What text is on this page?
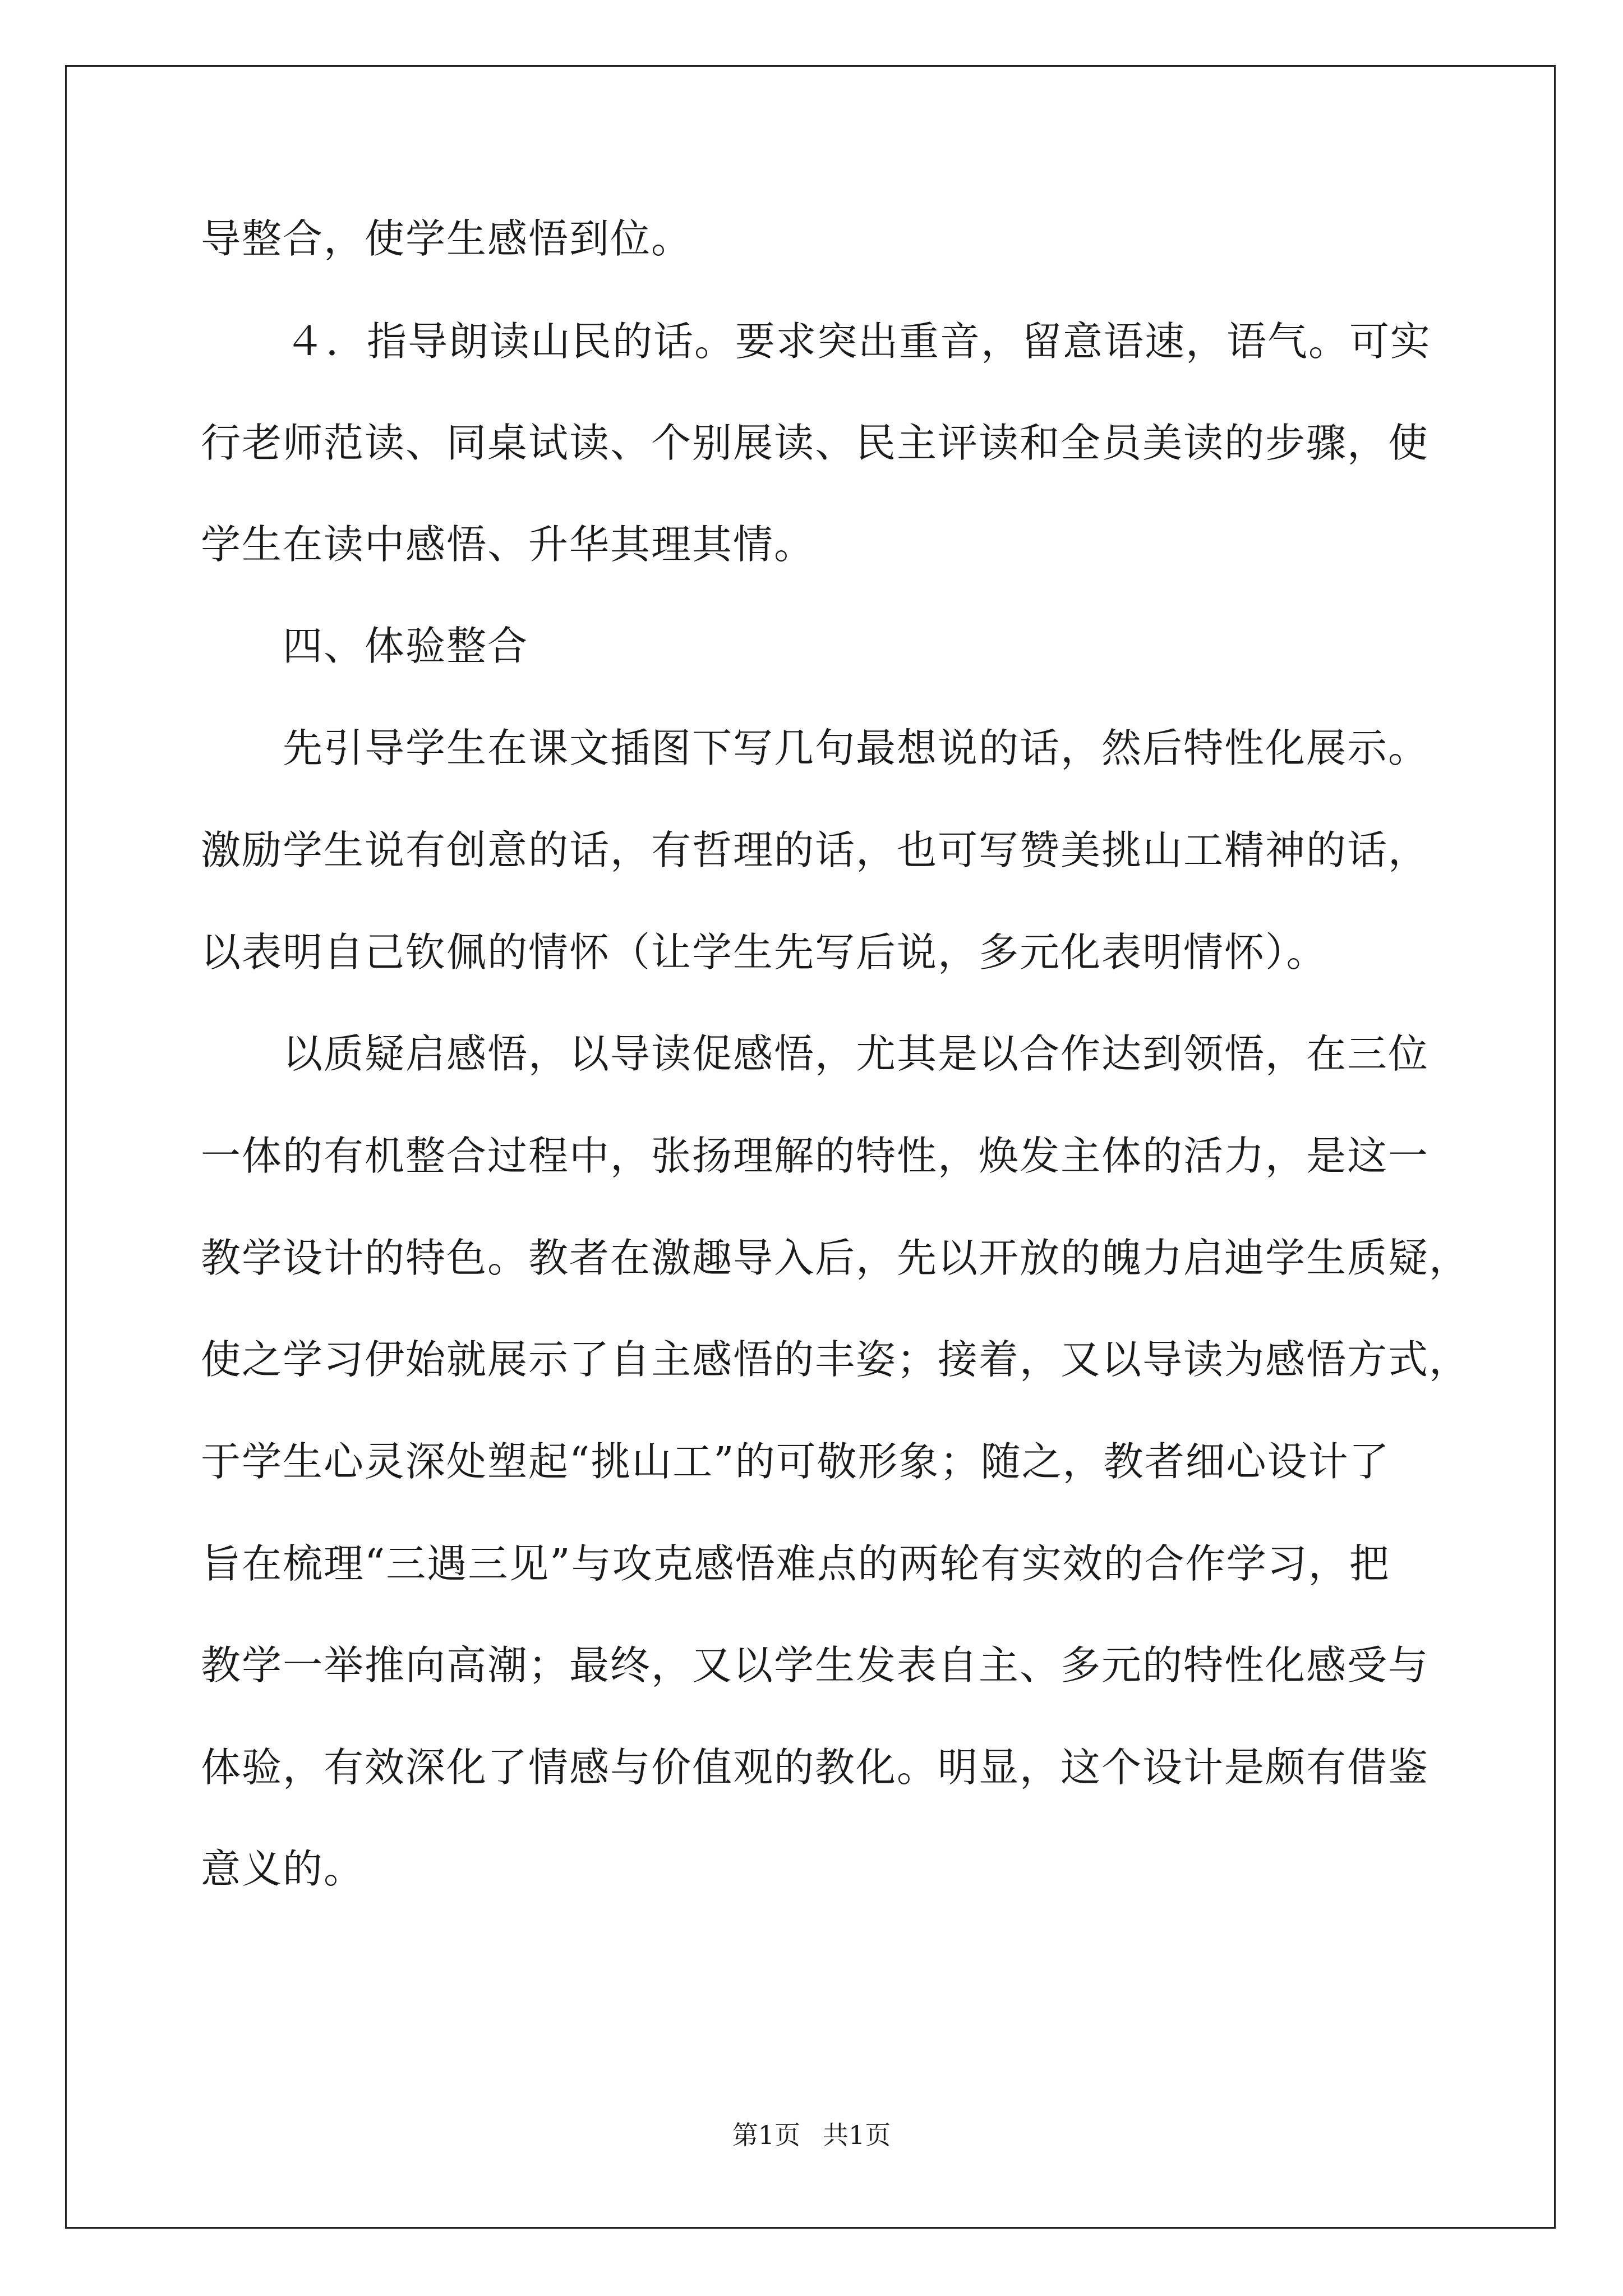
导整合，使学生感悟到位。
４．指导朗读山民的话。要求突出重音，留意语速，语气。可实
行老师范读、同桌试读、个别展读、民主评读和全员美读的步骤，使
学生在读中感悟、升华其理其情。
四、体验整合
先引导学生在课文插图下写几句最想说的话，然后特性化展示。
激励学生说有创意的话，有哲理的话，也可写赞美挑山工精神的话，
以表明自己钦佩的情怀（让学生先写后说，多元化表明情怀）。
以质疑启感悟，以导读促感悟，尤其是以合作达到领悟，在三位
一体的有机整合过程中，张扬理解的特性，焕发主体的活力，是这一
教学设计的特色。教者在激趣导入后，先以开放的魄力启迪学生质疑，
使之学习伊始就展示了自主感悟的丰姿；接着，又以导读为感悟方式，
于学生心灵深处塑起“挑山工”的可敬形象；随之，教者细心设计了
旨在梳理“三遇三见”与攻克感悟难点的两轮有实效的合作学习，把
教学一举推向高潮；最终，又以学生发表自主、多元的特性化感受与
体验，有效深化了情感与价值观的教化。明显，这个设计是颇有借鉴
意义的。
第1页 共1页
